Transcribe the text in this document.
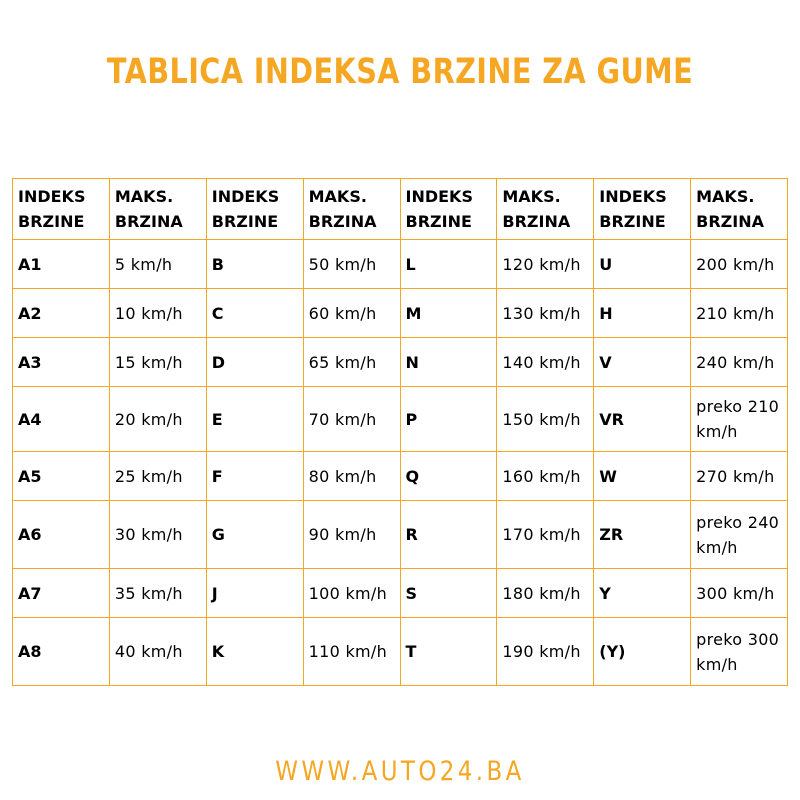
TABLICA INDEKSA BRZINE ZA GUME
INDEKS BRZINE	MAKS. BRZINA	INDEKS BRZINE	MAKS. BRZINA	INDEKS BRZINE	MAKS. BRZINA	INDEKS BRZINE	MAKS. BRZINA
A1	5 km/h	B	50 km/h	L	120 km/h	U	200 km/h
A2	10 km/h	C	60 km/h	M	130 km/h	H	210 km/h
A3	15 km/h	D	65 km/h	N	140 km/h	V	240 km/h
A4	20 km/h	E	70 km/h	P	150 km/h	VR	preko 210 km/h
A5	25 km/h	F	80 km/h	Q	160 km/h	W	270 km/h
A6	30 km/h	G	90 km/h	R	170 km/h	ZR	preko 240 km/h
A7	35 km/h	J	100 km/h	S	180 km/h	Y	300 km/h
A8	40 km/h	K	110 km/h	T	190 km/h	(Y)	preko 300 km/h
WWW.AUTO24.BA
